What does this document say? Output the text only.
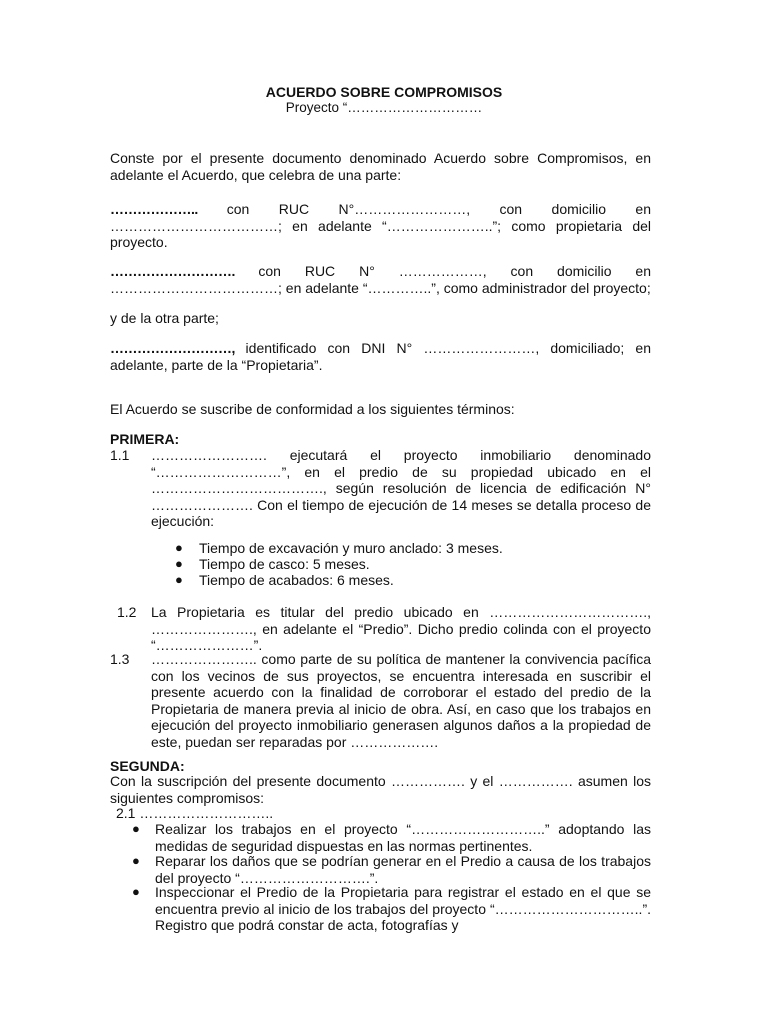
ACUERDO SOBRE COMPROMISOS
Proyecto “…………………………
Conste por el presente documento denominado Acuerdo sobre Compromisos, en adelante el Acuerdo, que celebra de una parte:
……………….. con RUC N°……………………, con domicilio en ………………………………; en adelante “…………………..”; como propietaria del proyecto.
………………………. con RUC N° ………………, con domicilio en ………………………………; en adelante “…………..”, como administrador del proyecto;
y de la otra parte;
………………………, identificado con DNI N° ……………………, domiciliado; en adelante, parte de la “Propietaria”.
El Acuerdo se suscribe de conformidad a los siguientes términos:
PRIMERA:
1.1 ……………………. ejecutará el proyecto inmobiliario denominado “………………………”, en el predio de su propiedad ubicado en el ………………………………., según resolución de licencia de edificación N° …………………. Con el tiempo de ejecución de 14 meses se detalla proceso de ejecución:
● Tiempo de excavación y muro anclado: 3 meses.
● Tiempo de casco: 5 meses.
● Tiempo de acabados: 6 meses.
1.2 La Propietaria es titular del predio ubicado en ……………………………., …………………., en adelante el “Predio”. Dicho predio colinda con el proyecto “…………………”.
1.3 ………………….. como parte de su política de mantener la convivencia pacífica con los vecinos de sus proyectos, se encuentra interesada en suscribir el presente acuerdo con la finalidad de corroborar el estado del predio de la Propietaria de manera previa al inicio de obra. Así, en caso que los trabajos en ejecución del proyecto inmobiliario generasen algunos daños a la propiedad de este, puedan ser reparadas por ……………….
SEGUNDA:
Con la suscripción del presente documento ……………. y el ……………. asumen los siguientes compromisos:
2.1 ………………………..
● Realizar los trabajos en el proyecto “………………………..” adoptando las medidas de seguridad dispuestas en las normas pertinentes.
● Reparar los daños que se podrían generar en el Predio a causa de los trabajos del proyecto “……………………….”.
● Inspeccionar el Predio de la Propietaria para registrar el estado en el que se encuentra previo al inicio de los trabajos del proyecto “…………………………..”. Registro que podrá constar de acta, fotografías y
